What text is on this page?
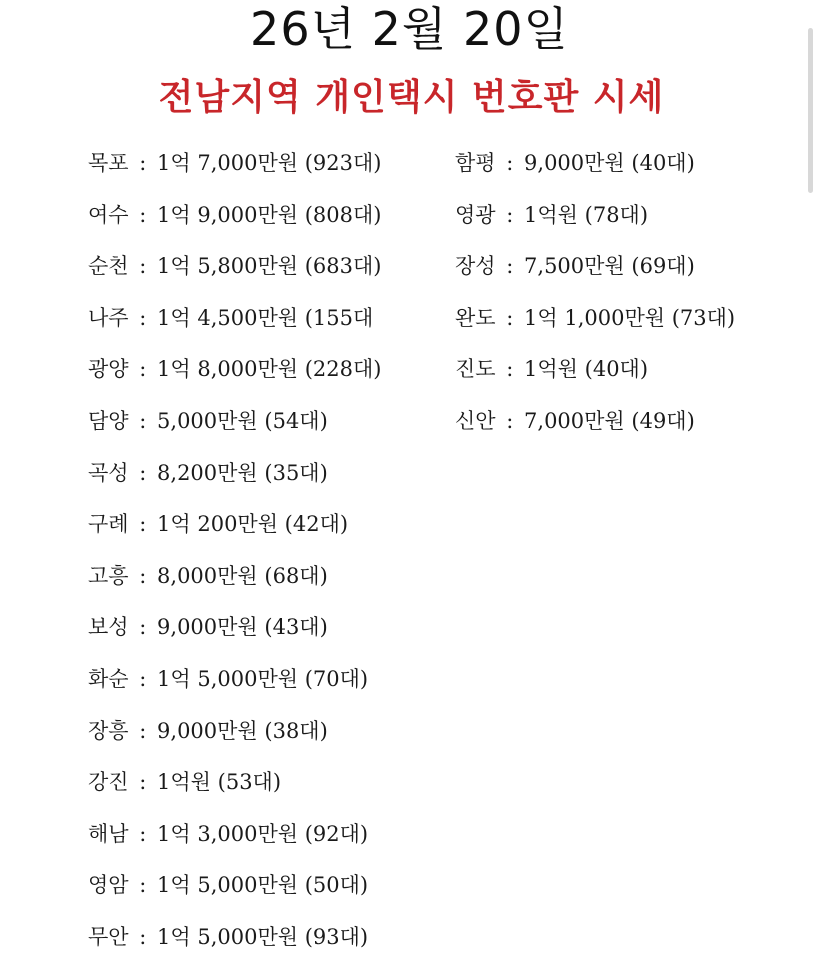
26년 2월 20일
전남지역 개인택시 번호판 시세
목포 : 1억 7,000만원 (923대)
여수 : 1억 9,000만원 (808대)
순천 : 1억 5,800만원 (683대)
나주 : 1억 4,500만원 (155대
광양 : 1억 8,000만원 (228대)
담양 : 5,000만원 (54대)
곡성 : 8,200만원 (35대)
구례 : 1억 200만원 (42대)
고흥 : 8,000만원 (68대)
보성 : 9,000만원 (43대)
화순 : 1억 5,000만원 (70대)
장흥 : 9,000만원 (38대)
강진 : 1억원 (53대)
해남 : 1억 3,000만원 (92대)
영암 : 1억 5,000만원 (50대)
무안 : 1억 5,000만원 (93대)
함평 : 9,000만원 (40대)
영광 : 1억원 (78대)
장성 : 7,500만원 (69대)
완도 : 1억 1,000만원 (73대)
진도 : 1억원 (40대)
신안 : 7,000만원 (49대)
